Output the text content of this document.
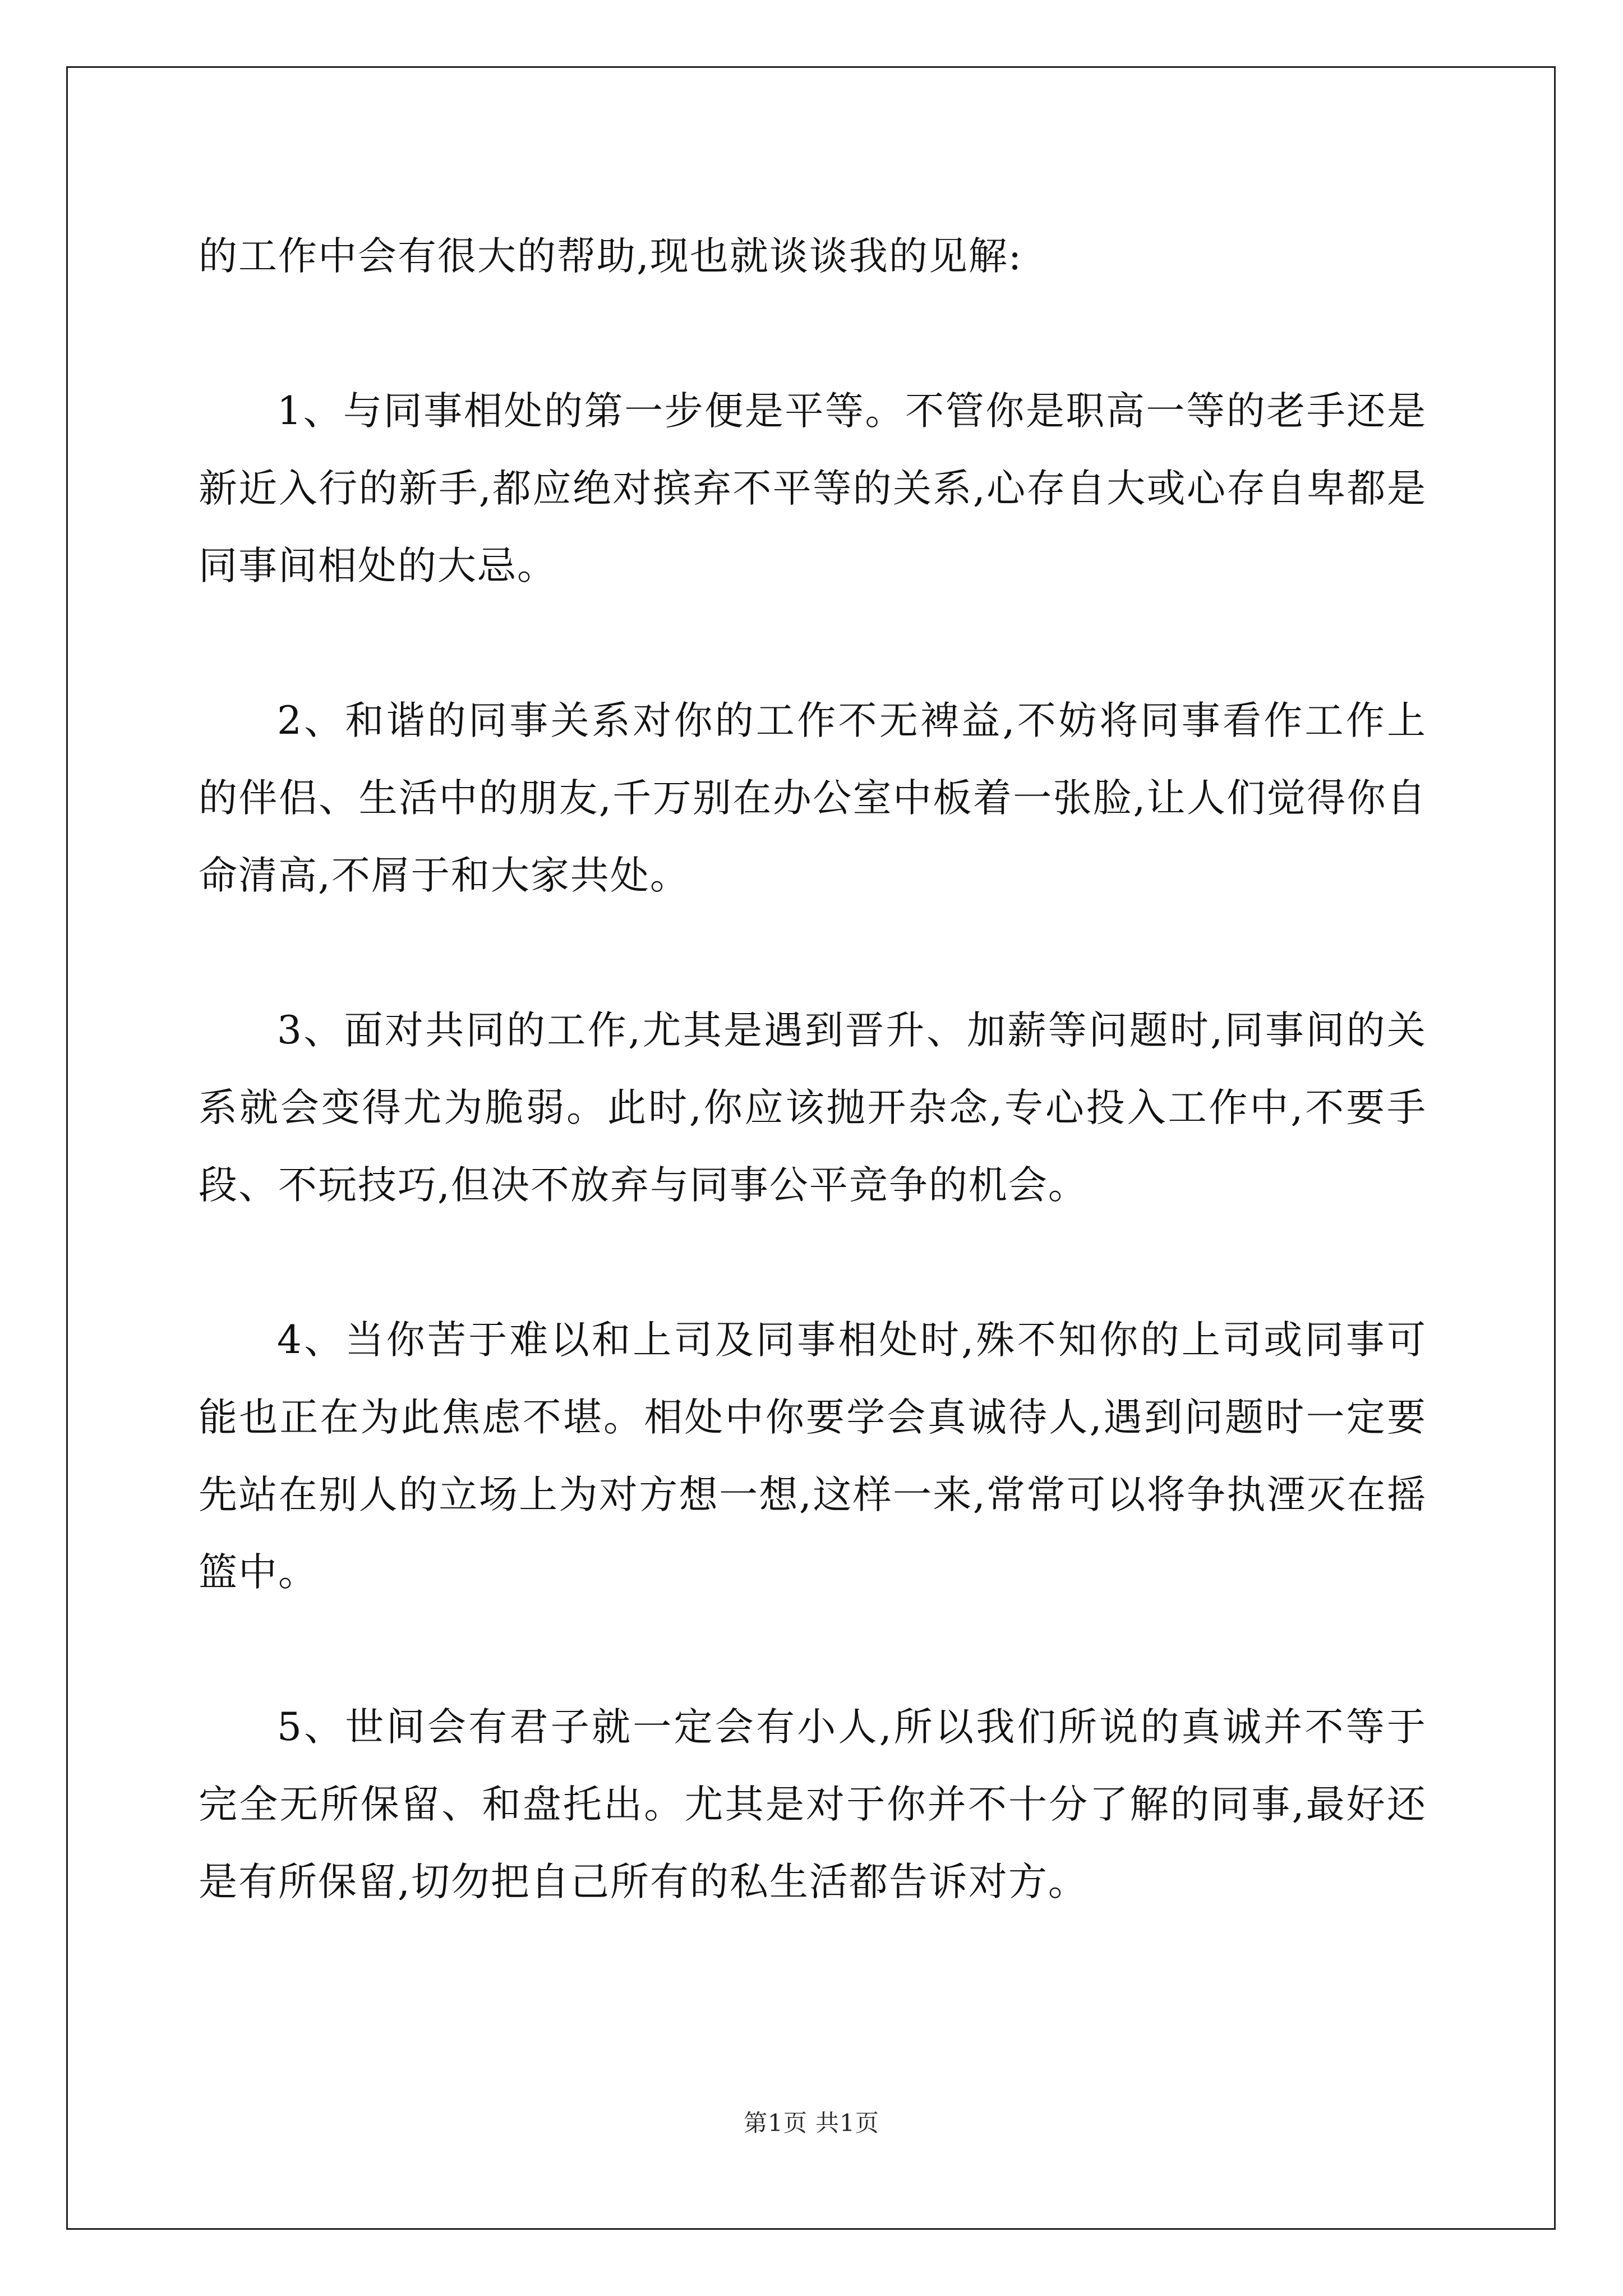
的工作中会有很大的帮助,现也就谈谈我的见解:

1、与同事相处的第一步便是平等。不管你是职高一等的老手还是新近入行的新手,都应绝对摈弃不平等的关系,心存自大或心存自卑都是同事间相处的大忌。

2、和谐的同事关系对你的工作不无裨益,不妨将同事看作工作上的伴侣、生活中的朋友,千万别在办公室中板着一张脸,让人们觉得你自命清高,不屑于和大家共处。

3、面对共同的工作,尤其是遇到晋升、加薪等问题时,同事间的关系就会变得尤为脆弱。此时,你应该抛开杂念,专心投入工作中,不要手段、不玩技巧,但决不放弃与同事公平竞争的机会。

4、当你苦于难以和上司及同事相处时,殊不知你的上司或同事可能也正在为此焦虑不堪。相处中你要学会真诚待人,遇到问题时一定要先站在别人的立场上为对方想一想,这样一来,常常可以将争执湮灭在摇篮中。

5、世间会有君子就一定会有小人,所以我们所说的真诚并不等于完全无所保留、和盘托出。尤其是对于你并不十分了解的同事,最好还是有所保留,切勿把自己所有的私生活都告诉对方。

第1页 共1页
